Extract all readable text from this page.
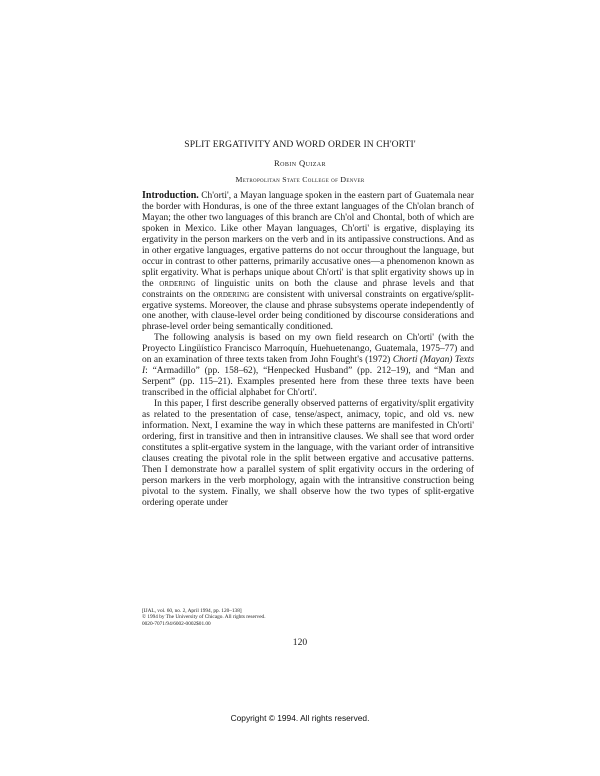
SPLIT ERGATIVITY AND WORD ORDER IN CH'ORTI'
Robin Quizar
Metropolitan State College of Denver

Introduction. Ch'orti', a Mayan language spoken in the eastern part of Guatemala near the border with Honduras, is one of the three extant languages of the Ch'olan branch of Mayan; the other two languages of this branch are Ch'ol and Chontal, both of which are spoken in Mexico. Like other Mayan languages, Ch'orti' is ergative, displaying its ergativity in the person markers on the verb and in its antipassive constructions. And as in other ergative languages, ergative patterns do not occur throughout the language, but occur in contrast to other patterns, primarily accusative ones—a phenomenon known as split ergativity. What is perhaps unique about Ch'orti' is that split ergativity shows up in the ordering of linguistic units on both the clause and phrase levels and that constraints on the ordering are consistent with universal constraints on ergative/split-ergative systems. Moreover, the clause and phrase subsystems operate independently of one another, with clause-level order being conditioned by discourse considerations and phrase-level order being semantically conditioned.

The following analysis is based on my own field research on Ch'orti' (with the Proyecto Lingüístico Francisco Marroquín, Huehuetenango, Guatemala, 1975–77) and on an examination of three texts taken from John Fought's (1972) Chorti (Mayan) Texts I: “Armadillo” (pp. 158–62), “Henpecked Husband” (pp. 212–19), and “Man and Serpent” (pp. 115–21). Examples presented here from these three texts have been transcribed in the official alphabet for Ch'orti'.

In this paper, I first describe generally observed patterns of ergativity/split ergativity as related to the presentation of case, tense/aspect, animacy, topic, and old vs. new information. Next, I examine the way in which these patterns are manifested in Ch'orti' ordering, first in transitive and then in intransitive clauses. We shall see that word order constitutes a split-ergative system in the language, with the variant order of intransitive clauses creating the pivotal role in the split between ergative and accusative patterns. Then I demonstrate how a parallel system of split ergativity occurs in the ordering of person markers in the verb morphology, again with the intransitive construction being pivotal to the system. Finally, we shall observe how the two types of split-ergative ordering operate under

[IJAL, vol. 60, no. 2, April 1994, pp. 120–138]
© 1994 by The University of Chicago. All rights reserved.
0020-7071/94/6002-0002$01.00
120
Copyright © 1994. All rights reserved.
